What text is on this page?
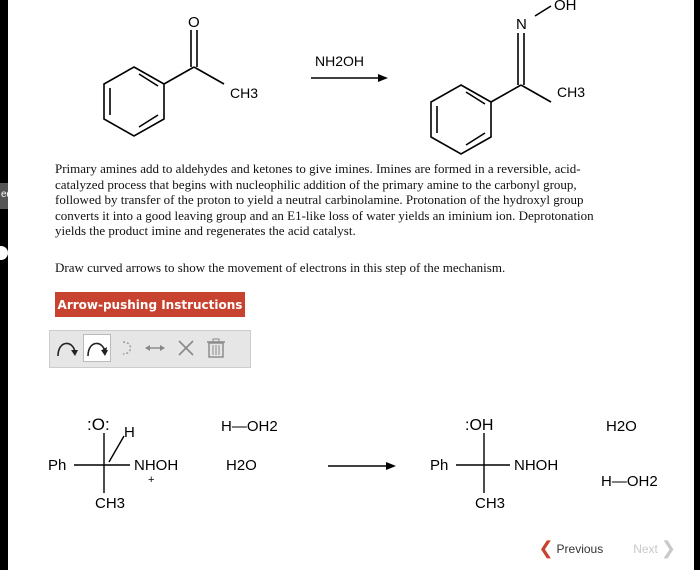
O
CH3
NH2OH
N
OH
CH3

Primary amines add to aldehydes and ketones to give imines. Imines are formed in a reversible, acid-
catalyzed process that begins with nucleophilic addition of the primary amine to the carbonyl group,
followed by transfer of the proton to yield a neutral carbinolamine. Protonation of the hydroxyl group
converts it into a good leaving group and an E1-like loss of water yields an iminium ion. Deprotonation
yields the product imine and regenerates the acid catalyst.

Draw curved arrows to show the movement of electrons in this step of the mechanism.

Arrow-pushing Instructions
:O: H
Ph	NHOH
+
CH3
H—OH2
H2O
:OH
Ph	NHOH
CH3
H2O
H—OH2
❮ Previous	Next ❯
ed
